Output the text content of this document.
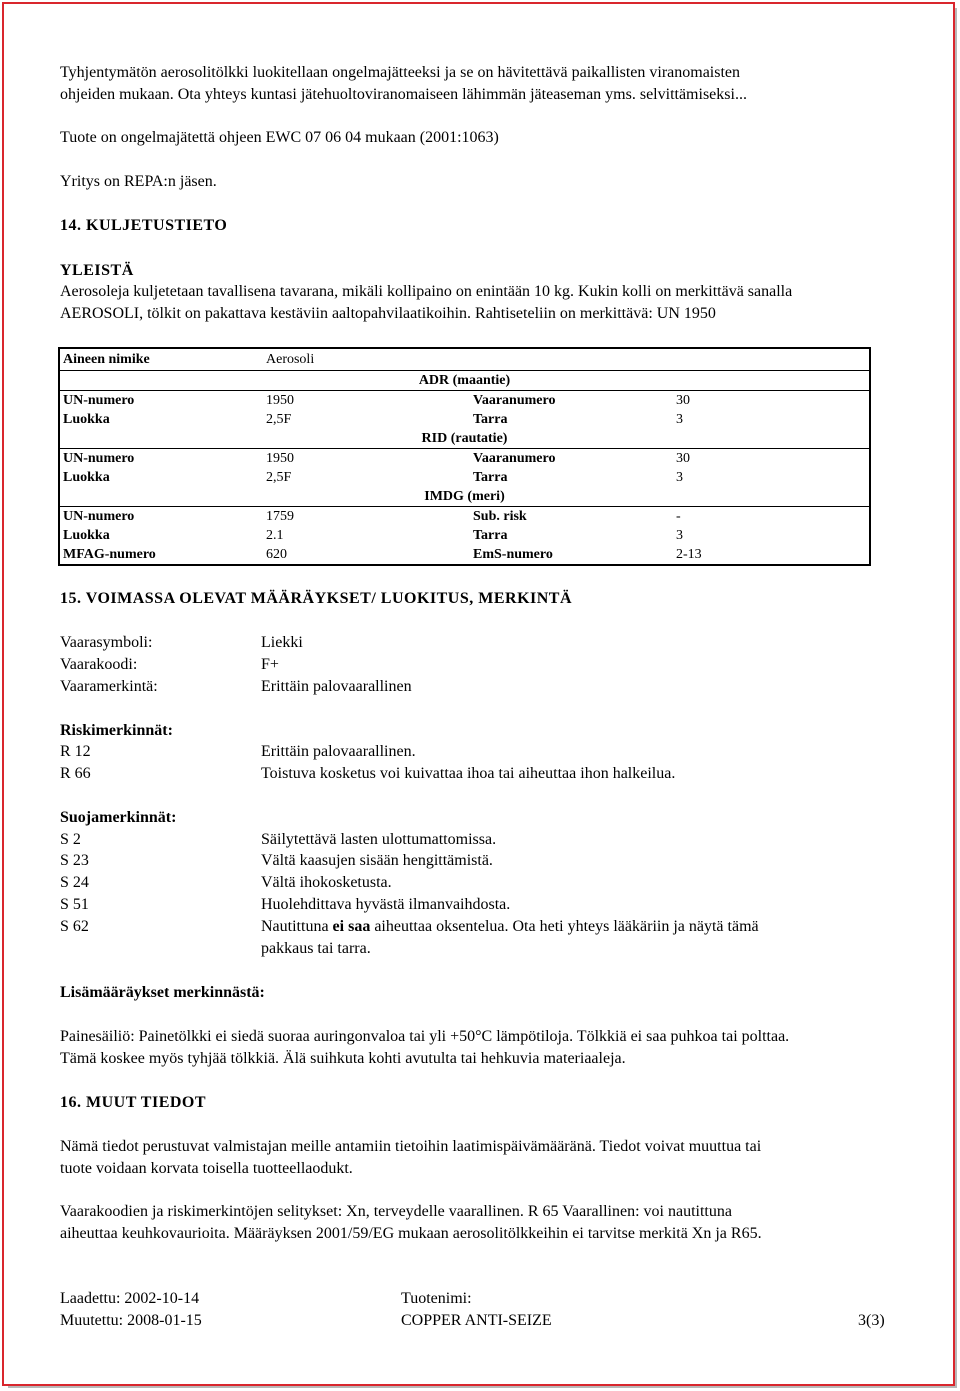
Tyhjentymätön aerosolitölkki luokitellaan ongelmajätteeksi ja se on hävitettävä paikallisten viranomaisten
ohjeiden mukaan. Ota yhteys kuntasi jätehuoltoviranomaiseen lähimmän jäteaseman yms. selvittämiseksi...
Tuote on ongelmajätettä ohjeen EWC 07 06 04 mukaan (2001:1063)
Yritys on REPA:n jäsen.
14. KULJETUSTIETO
YLEISTÄ
Aerosoleja kuljetetaan tavallisena tavarana, mikäli kollipaino on enintään 10 kg. Kukin kolli on merkittävä sanalla
AEROSOLI, tölkit on pakattava kestäviin aaltopahvilaatikoihin. Rahtiseteliin on merkittävä: UN 1950
Aineen nimike	Aerosoli		
ADR (maantie)			
UN-numero	1950	Vaaranumero	30
Luokka	2,5F	Tarra	3
RID (rautatie)			
UN-numero	1950	Vaaranumero	30
Luokka	2,5F	Tarra	3
IMDG (meri)			
UN-numero	1759	Sub. risk	-
Luokka	2.1	Tarra	3
MFAG-numero	620	EmS-numero	2-13
15. VOIMASSA OLEVAT MÄÄRÄYKSET/ LUOKITUS, MERKINTÄ
Vaarasymboli:	Liekki
Vaarakoodi:	F+
Vaaramerkintä:	Erittäin palovaarallinen
Riskimerkinnät:
R 12	Erittäin palovaarallinen.
R 66	Toistuva kosketus voi kuivattaa ihoa tai aiheuttaa ihon halkeilua.
Suojamerkinnät:
S 2	Säilytettävä lasten ulottumattomissa.
S 23	Vältä kaasujen sisään hengittämistä.
S 24	Vältä ihokosketusta.
S 51	Huolehdittava hyvästä ilmanvaihdosta.
S 62	Nautittuna ei saa aiheuttaa oksentelua. Ota heti yhteys lääkäriin ja näytä tämä
pakkaus tai tarra.
Lisämääräykset merkinnästä:
Painesäiliö: Painetölkki ei siedä suoraa auringonvaloa tai yli +50°C lämpötiloja. Tölkkiä ei saa puhkoa tai polttaa.
Tämä koskee myös tyhjää tölkkiä. Älä suihkuta kohti avutulta tai hehkuvia materiaaleja.
16. MUUT TIEDOT
Nämä tiedot perustuvat valmistajan meille antamiin tietoihin laatimispäivämääränä. Tiedot voivat muuttua tai
tuote voidaan korvata toisella tuotteellaodukt.
Vaarakoodien ja riskimerkintöjen selitykset: Xn, terveydelle vaarallinen. R 65 Vaarallinen: voi nautittuna
aiheuttaa keuhkovaurioita. Määräyksen 2001/59/EG mukaan aerosolitölkkeihin ei tarvitse merkitä Xn ja R65.
Laadettu: 2002-10-14
Muutettu: 2008-01-15
Tuotenimi:
COPPER ANTI-SEIZE	3(3)
